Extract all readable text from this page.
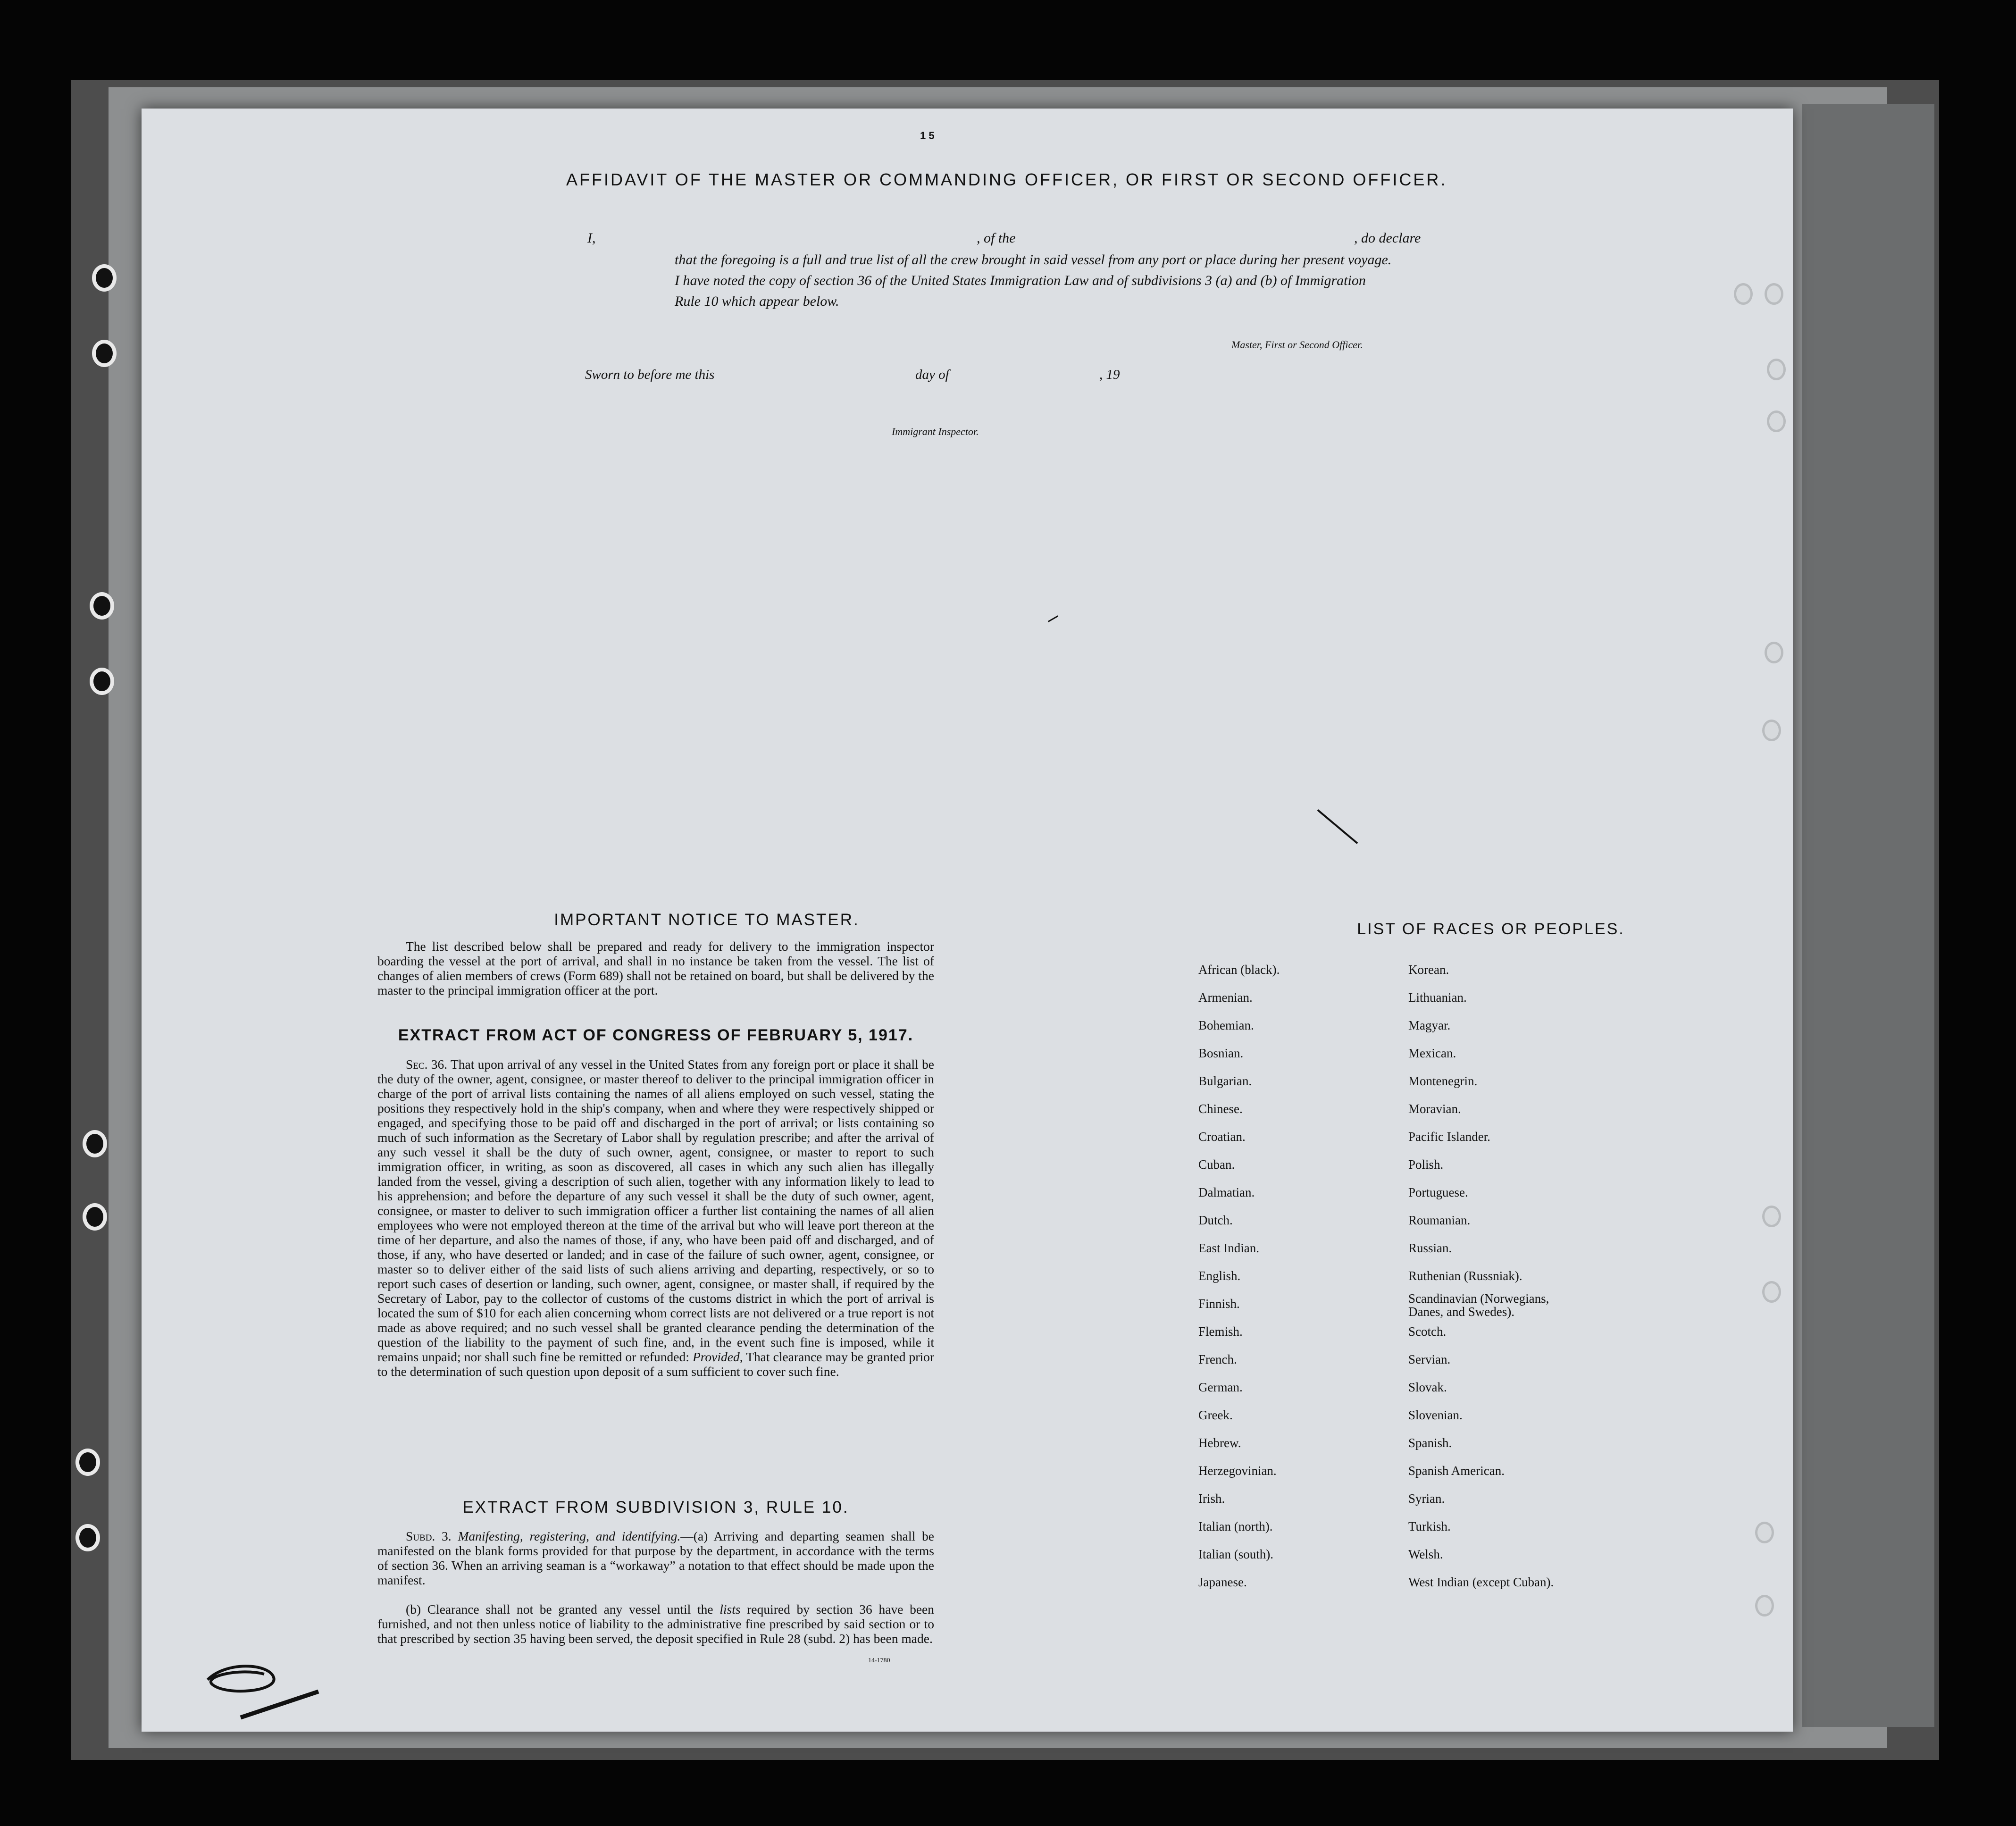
1 5
AFFIDAVIT OF THE MASTER OR COMMANDING OFFICER, OR FIRST OR SECOND OFFICER.
I,	, of the	, do declare
that the foregoing is a full and true list of all the crew brought in said vessel from any port or place during her present voyage.
I have noted the copy of section 36 of the United States Immigration Law and of subdivisions 3 (a) and (b) of Immigration
Rule 10 which appear below.
Master, First or Second Officer.
Sworn to before me this	day of	, 19
Immigrant Inspector.
IMPORTANT NOTICE TO MASTER.
The list described below shall be prepared and ready for delivery to the immigration inspector boarding the vessel at the port of arrival, and shall in no instance be taken from the vessel. The list of changes of alien members of crews (Form 689) shall not be retained on board, but shall be delivered by the master to the principal immigration officer at the port.
EXTRACT FROM ACT OF CONGRESS OF FEBRUARY 5, 1917.
Sec. 36. That upon arrival of any vessel in the United States from any foreign port or place it shall be the duty of the owner, agent, consignee, or master thereof to deliver to the principal immigration officer in charge of the port of arrival lists containing the names of all aliens employed on such vessel, stating the positions they respectively hold in the ship's company, when and where they were respectively shipped or engaged, and specifying those to be paid off and discharged in the port of arrival; or lists containing so much of such information as the Secretary of Labor shall by regulation prescribe; and after the arrival of any such vessel it shall be the duty of such owner, agent, consignee, or master to report to such immigration officer, in writing, as soon as discovered, all cases in which any such alien has illegally landed from the vessel, giving a description of such alien, together with any information likely to lead to his apprehension; and before the departure of any such vessel it shall be the duty of such owner, agent, consignee, or master to deliver to such immigration officer a further list containing the names of all alien employees who were not employed thereon at the time of the arrival but who will leave port thereon at the time of her departure, and also the names of those, if any, who have been paid off and discharged, and of those, if any, who have deserted or landed; and in case of the failure of such owner, agent, consignee, or master so to deliver either of the said lists of such aliens arriving and departing, respectively, or so to report such cases of desertion or landing, such owner, agent, consignee, or master shall, if required by the Secretary of Labor, pay to the collector of customs of the customs district in which the port of arrival is located the sum of $10 for each alien concerning whom correct lists are not delivered or a true report is not made as above required; and no such vessel shall be granted clearance pending the determination of the question of the liability to the payment of such fine, and, in the event such fine is imposed, while it remains unpaid; nor shall such fine be remitted or refunded: Provided, That clearance may be granted prior to the determination of such question upon deposit of a sum sufficient to cover such fine.
EXTRACT FROM SUBDIVISION 3, RULE 10.
Subd. 3. Manifesting, registering, and identifying.—(a) Arriving and departing seamen shall be manifested on the blank forms provided for that purpose by the department, in accordance with the terms of section 36. When an arriving seaman is a “workaway” a notation to that effect should be made upon the manifest.
(b) Clearance shall not be granted any vessel until the lists required by section 36 have been furnished, and not then unless notice of liability to the administrative fine prescribed by said section or to that prescribed by section 35 having been served, the deposit specified in Rule 28 (subd. 2) has been made.
14-1780
LIST OF RACES OR PEOPLES.
African (black).
Armenian.
Bohemian.
Bosnian.
Bulgarian.
Chinese.
Croatian.
Cuban.
Dalmatian.
Dutch.
East Indian.
English.
Finnish.
Flemish.
French.
German.
Greek.
Hebrew.
Herzegovinian.
Irish.
Italian (north).
Italian (south).
Japanese.
Korean.
Lithuanian.
Magyar.
Mexican.
Montenegrin.
Moravian.
Pacific Islander.
Polish.
Portuguese.
Roumanian.
Russian.
Ruthenian (Russniak).
Scandinavian (Norwegians, Danes, and Swedes).
Scotch.
Servian.
Slovak.
Slovenian.
Spanish.
Spanish American.
Syrian.
Turkish.
Welsh.
West Indian (except Cuban).
